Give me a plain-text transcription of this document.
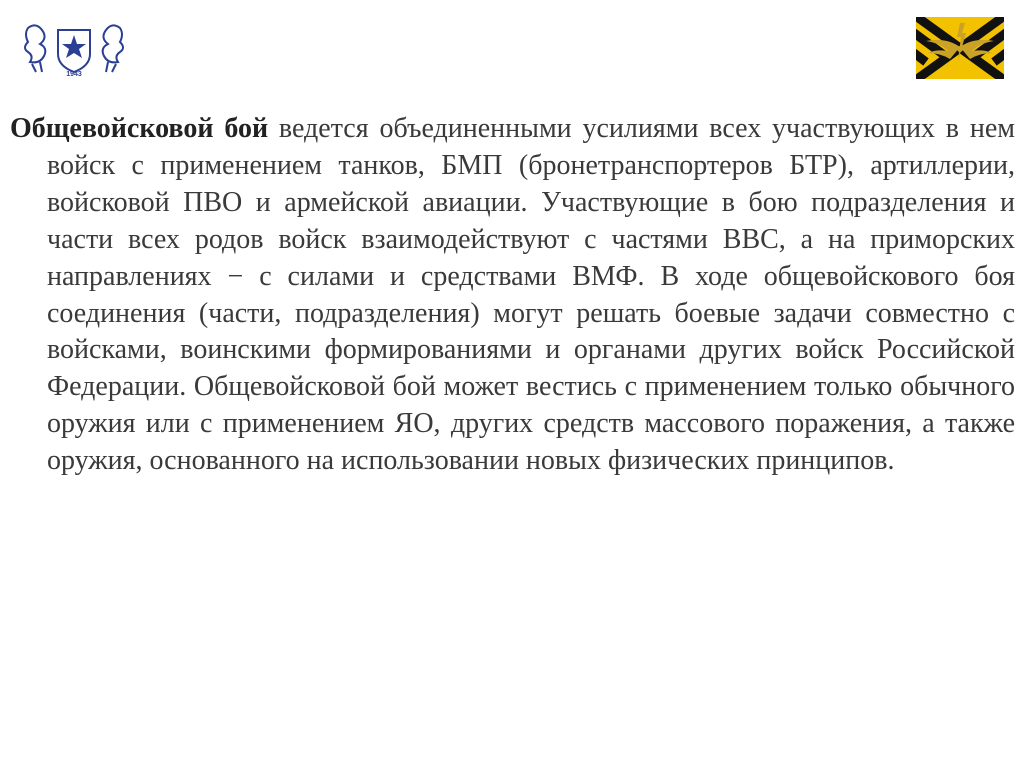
1943
Общевойсковой бой ведется объединенными усилиями всех участвующих в нем войск с применением танков, БМП (бронетранспортеров БТР), артиллерии, войсковой ПВО и армейской авиации. Участвующие в бою подразделения и части всех родов войск взаимодействуют с частями ВВС, а на приморских направлениях − с силами и средствами ВМФ. В ходе общевойскового боя соединения (части, подразделения) могут решать боевые задачи совместно с войсками, воинскими формированиями и органами других войск Российской Федерации. Общевойсковой бой может вестись с применением только обычного оружия или с применением ЯО, других средств массового поражения, а также оружия, основанного на использовании новых физических принципов.
